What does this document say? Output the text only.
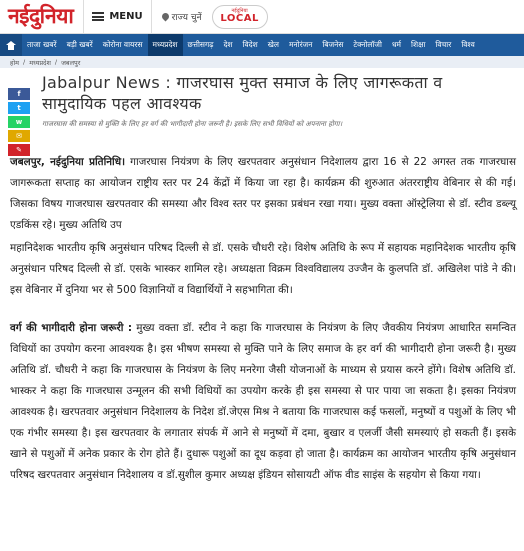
नईदुनिया	MENU	राज्य चुनें
नईदुनिया
LOCAL
ताजा खबरें	बड़ी खबरें	कोरोना वायरस	मध्यप्रदेश	छत्तीसगढ़	देश	विदेश	खेल	मनोरंजन	बिजनेस	टेक्नोलॉजी	धर्म	शिक्षा	विचार	विश्व
होम / मध्यप्रदेश / जबलपुर
f
t
w
✉
✎
Jabalpur News : गाजरघास मुक्त समाज के लिए जागरूकता व सामुदायिक पहल आवश्यक
गाजरघास की समस्या से मुक्ति के लिए हर वर्ग की भागीदारी होना जरूरी है। इसके लिए सभी विधियों को अपनाना होगा।

जबलपुर, नईदुनिया प्रतिनिधि। गाजरघास नियंत्रण के लिए खरपतवार अनुसंधान निदेशालय द्वारा 16 से 22 अगस्त तक गाजरघास जागरूकता सप्ताह का आयोजन राष्ट्रीय स्तर पर 24 केंद्रों में किया जा रहा है। कार्यक्रम की शुरुआत अंतरराष्ट्रीय वेबिनार से की गई। जिसका विषय गाजरघास खरपतवार की समस्या और विश्व स्तर पर इसका प्रबंधन रखा गया। मुख्य वक्ता ऑस्ट्रेलिया से डॉ. स्टीव डब्ल्यू एडकिंस रहे। मुख्य अतिथि उप

महानिदेशक भारतीय कृषि अनुसंधान परिषद दिल्ली से डॉ. एसके चौधरी रहे। विशेष अतिथि के रूप में सहायक महानिदेशक भारतीय कृषि अनुसंधान परिषद दिल्ली से डॉ. एसके भास्कर शामिल रहे। अध्यक्षता विक्रम विश्वविद्यालय उज्जैन के कुलपति डॉ. अखिलेश पांडे ने की। इस वेबिनार में दुनिया भर से 500 विज्ञानियों व विद्यार्थियों ने सहभागिता की।

वर्ग की भागीदारी होना जरूरी : मुख्य वक्ता डॉ. स्टीव ने कहा कि गाजरघास के नियंत्रण के लिए जैवकीय नियंत्रण आधारित समन्वित विधियों का उपयोग करना आवश्यक है। इस भीषण समस्या से मुक्ति पाने के लिए समाज के हर वर्ग की भागीदारी होना जरूरी है। मुख्य अतिथि डॉ. चौधरी ने कहा कि गाजरघास के नियंत्रण के लिए मनरेगा जैसी योजनाओं के माध्यम से प्रयास करने होंगे। विशेष अतिथि डॉ. भास्कर ने कहा कि गाजरघास उन्मूलन की सभी विधियों का उपयोग करके ही इस समस्या से पार पाया जा सकता है। इसका नियंत्रण आवश्यक है। खरपतवार अनुसंधान निदेशालय के निदेश डॉ.जेएस मिश्र ने बताया कि गाजरघास कई फसलों, मनुष्यों व पशुओं के लिए भी एक गंभीर समस्या है। इस खरपतवार के लगातार संपर्क में आने से मनुष्यों में दमा, बुखार व एलर्जी जैसी समस्याएं हो सकती हैं। इसके खाने से पशुओं में अनेक प्रकार के रोग होते हैं। दुधारू पशुओं का दूध कड़वा हो जाता है। कार्यक्रम का आयोजन भारतीय कृषि अनुसंधान परिषद खरपतवार अनुसंधान निदेशालय व डॉ.सुशील कुमार अध्यक्ष इंडियन सोसायटी ऑफ वीड साइंस के सहयोग से किया गया।
